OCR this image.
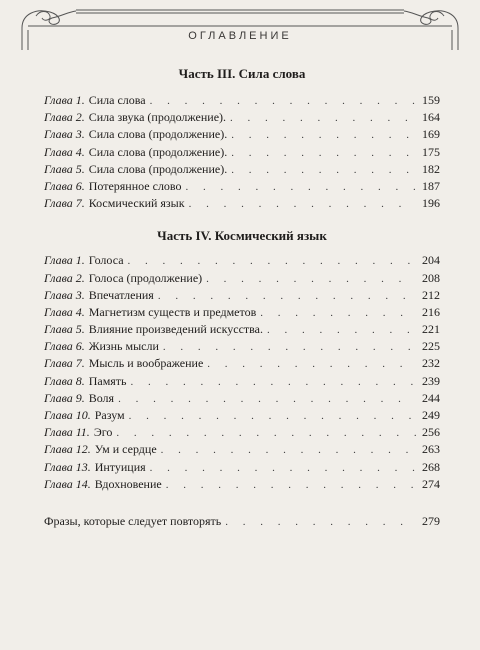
ОГЛАВЛЕНИЕ
Часть III. Сила слова
Глава 1. Сила слова . . .	159
Глава 2. Сила звука (продолжение). . . .	164
Глава 3. Сила слова (продолжение). . . .	169
Глава 4. Сила слова (продолжение). . . .	175
Глава 5. Сила слова (продолжение). . . .	182
Глава 6. Потерянное слово . . .	187
Глава 7. Космический язык . . .	196
Часть IV. Космический язык
Глава 1. Голоса . . .	204
Глава 2. Голоса (продолжение) . . .	208
Глава 3. Впечатления . . .	212
Глава 4. Магнетизм существ и предметов . . .	216
Глава 5. Влияние произведений искусства. . . .	221
Глава 6. Жизнь мысли . . .	225
Глава 7. Мысль и воображение . . .	232
Глава 8. Память . . .	239
Глава 9. Воля . . .	244
Глава 10. Разум . . .	249
Глава 11. Эго . . .	256
Глава 12. Ум и сердце . . .	263
Глава 13. Интуиция . . .	268
Глава 14. Вдохновение . . .	274
Фразы, которые следует повторять . . .	279
